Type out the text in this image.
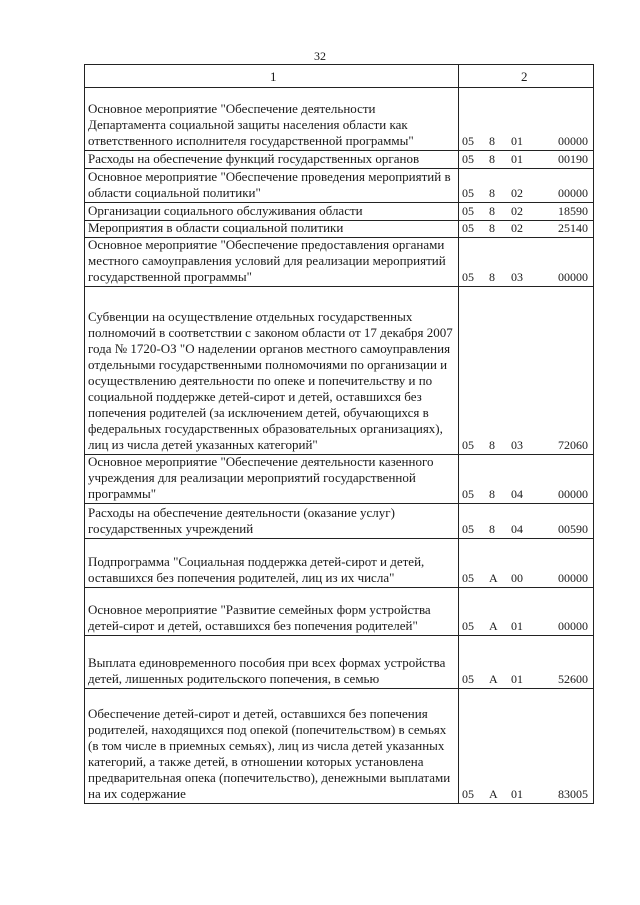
32
1	2
Основное мероприятие "Обеспечение деятельности Департамента социальной защиты населения области как ответственного исполнителя государственной программы"	05 8 01	00000
Расходы на обеспечение функций государственных органов	05 8 01	00190
Основное мероприятие "Обеспечение проведения мероприятий в области социальной политики"	05 8 02	00000
Организации социального обслуживания области	05 8 02	18590
Мероприятия в области социальной политики	05 8 02	25140
Основное мероприятие "Обеспечение предоставления органами местного самоуправления условий для реализации мероприятий государственной программы"	05 8 03	00000
Субвенции на осуществление отдельных государственных полномочий в соответствии с законом области от 17 декабря 2007 года № 1720-ОЗ "О наделении органов местного самоуправления отдельными государственными полномочиями по организации и осуществлению деятельности по опеке и попечительству и по социальной поддержке детей-сирот и детей, оставшихся без попечения родителей (за исключением детей, обучающихся в федеральных государственных образовательных организациях), лиц из числа детей указанных категорий"	05 8 03	72060
Основное мероприятие "Обеспечение деятельности казенного учреждения для реализации мероприятий государственной программы"	05 8 04	00000
Расходы на обеспечение деятельности (оказание услуг) государственных учреждений	05 8 04	00590
Подпрограмма "Социальная поддержка детей-сирот и детей, оставшихся без попечения родителей, лиц из их числа"	05 А 00	00000
Основное мероприятие "Развитие семейных форм устройства детей-сирот и детей, оставшихся без попечения родителей"	05 А 01	00000
Выплата единовременного пособия при всех формах устройства детей, лишенных родительского попечения, в семью	05 А 01	52600
Обеспечение детей-сирот и детей, оставшихся без попечения родителей, находящихся под опекой (попечительством) в семьях (в том числе в приемных семьях), лиц из числа детей указанных категорий, а также детей, в отношении которых установлена предварительная опека (попечительство), денежными выплатами на их содержание	05 А 01	83005
